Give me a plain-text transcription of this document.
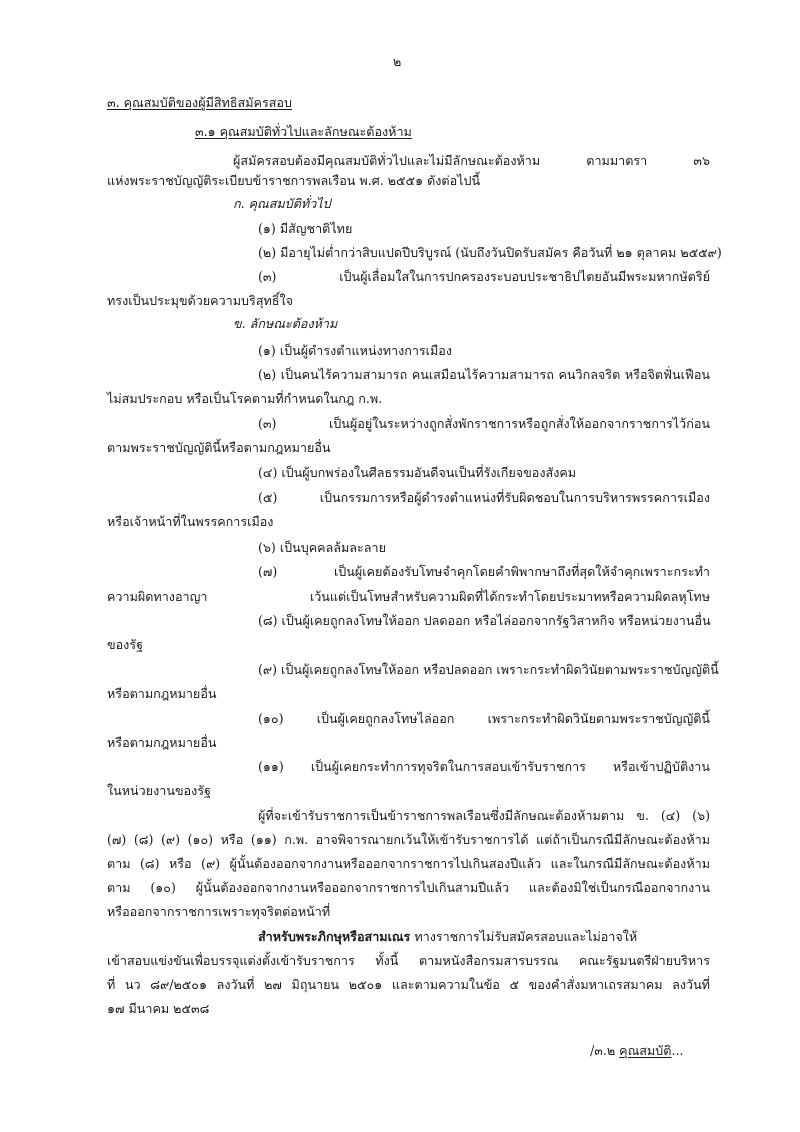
๒
๓. คุณสมบัติของผู้มีสิทธิสมัครสอบ
๓.๑ คุณสมบัติทั่วไปและลักษณะต้องห้าม
ผู้สมัครสอบต้องมีคุณสมบัติทั่วไปและไม่มีลักษณะต้องห้าม ตามมาตรา ๓๖
แห่งพระราชบัญญัติระเบียบข้าราชการพลเรือน พ.ศ. ๒๕๕๑ ดังต่อไปนี้
ก. คุณสมบัติทั่วไป
(๑) มีสัญชาติไทย
(๒) มีอายุไม่ต่ำกว่าสิบแปดปีบริบูรณ์ (นับถึงวันปิดรับสมัคร คือวันที่ ๒๑ ตุลาคม ๒๕๕๙)
(๓) เป็นผู้เลื่อมใสในการปกครองระบอบประชาธิปไตยอันมีพระมหากษัตริย์
ทรงเป็นประมุขด้วยความบริสุทธิ์ใจ
ข. ลักษณะต้องห้าม
(๑) เป็นผู้ดำรงตำแหน่งทางการเมือง
(๒) เป็นคนไร้ความสามารถ คนเสมือนไร้ความสามารถ คนวิกลจริต หรือจิตฟั่นเฟือน
ไม่สมประกอบ หรือเป็นโรคตามที่กำหนดในกฎ ก.พ.
(๓) เป็นผู้อยู่ในระหว่างถูกสั่งพักราชการหรือถูกสั่งให้ออกจากราชการไว้ก่อน
ตามพระราชบัญญัตินี้หรือตามกฎหมายอื่น
(๔) เป็นผู้บกพร่องในศีลธรรมอันดีจนเป็นที่รังเกียจของสังคม
(๕) เป็นกรรมการหรือผู้ดำรงตำแหน่งที่รับผิดชอบในการบริหารพรรคการเมือง
หรือเจ้าหน้าที่ในพรรคการเมือง
(๖) เป็นบุคคลล้มละลาย
(๗) เป็นผู้เคยต้องรับโทษจำคุกโดยคำพิพากษาถึงที่สุดให้จำคุกเพราะกระทำ
ความผิดทางอาญา เว้นแต่เป็นโทษสำหรับความผิดที่ได้กระทำโดยประมาทหรือความผิดลหุโทษ
(๘) เป็นผู้เคยถูกลงโทษให้ออก ปลดออก หรือไล่ออกจากรัฐวิสาหกิจ หรือหน่วยงานอื่น
ของรัฐ
(๙) เป็นผู้เคยถูกลงโทษให้ออก หรือปลดออก เพราะกระทำผิดวินัยตามพระราชบัญญัตินี้
หรือตามกฎหมายอื่น
(๑๐) เป็นผู้เคยถูกลงโทษไล่ออก เพราะกระทำผิดวินัยตามพระราชบัญญัตินี้
หรือตามกฎหมายอื่น
(๑๑) เป็นผู้เคยกระทำการทุจริตในการสอบเข้ารับราชการ หรือเข้าปฏิบัติงาน
ในหน่วยงานของรัฐ
ผู้ที่จะเข้ารับราชการเป็นข้าราชการพลเรือนซึ่งมีลักษณะต้องห้ามตาม ข. (๔) (๖)
(๗) (๘) (๙) (๑๐) หรือ (๑๑) ก.พ. อาจพิจารณายกเว้นให้เข้ารับราชการได้ แต่ถ้าเป็นกรณีมีลักษณะต้องห้าม
ตาม (๘) หรือ (๙) ผู้นั้นต้องออกจากงานหรือออกจากราชการไปเกินสองปีแล้ว และในกรณีมีลักษณะต้องห้าม
ตาม (๑๐) ผู้นั้นต้องออกจากงานหรือออกจากราชการไปเกินสามปีแล้ว และต้องมิใช่เป็นกรณีออกจากงาน
หรือออกจากราชการเพราะทุจริตต่อหน้าที่
สำหรับพระภิกษุหรือสามเณร ทางราชการไม่รับสมัครสอบและไม่อาจให้
เข้าสอบแข่งขันเพื่อบรรจุแต่งตั้งเข้ารับราชการ ทั้งนี้ ตามหนังสือกรมสารบรรณ คณะรัฐมนตรีฝ่ายบริหาร
ที่ นว ๘๙/๒๕๐๑ ลงวันที่ ๒๗ มิถุนายน ๒๕๐๑ และตามความในข้อ ๕ ของคำสั่งมหาเถรสมาคม ลงวันที่
๑๗ มีนาคม ๒๕๓๘
/๓.๒ คุณสมบัติ...
